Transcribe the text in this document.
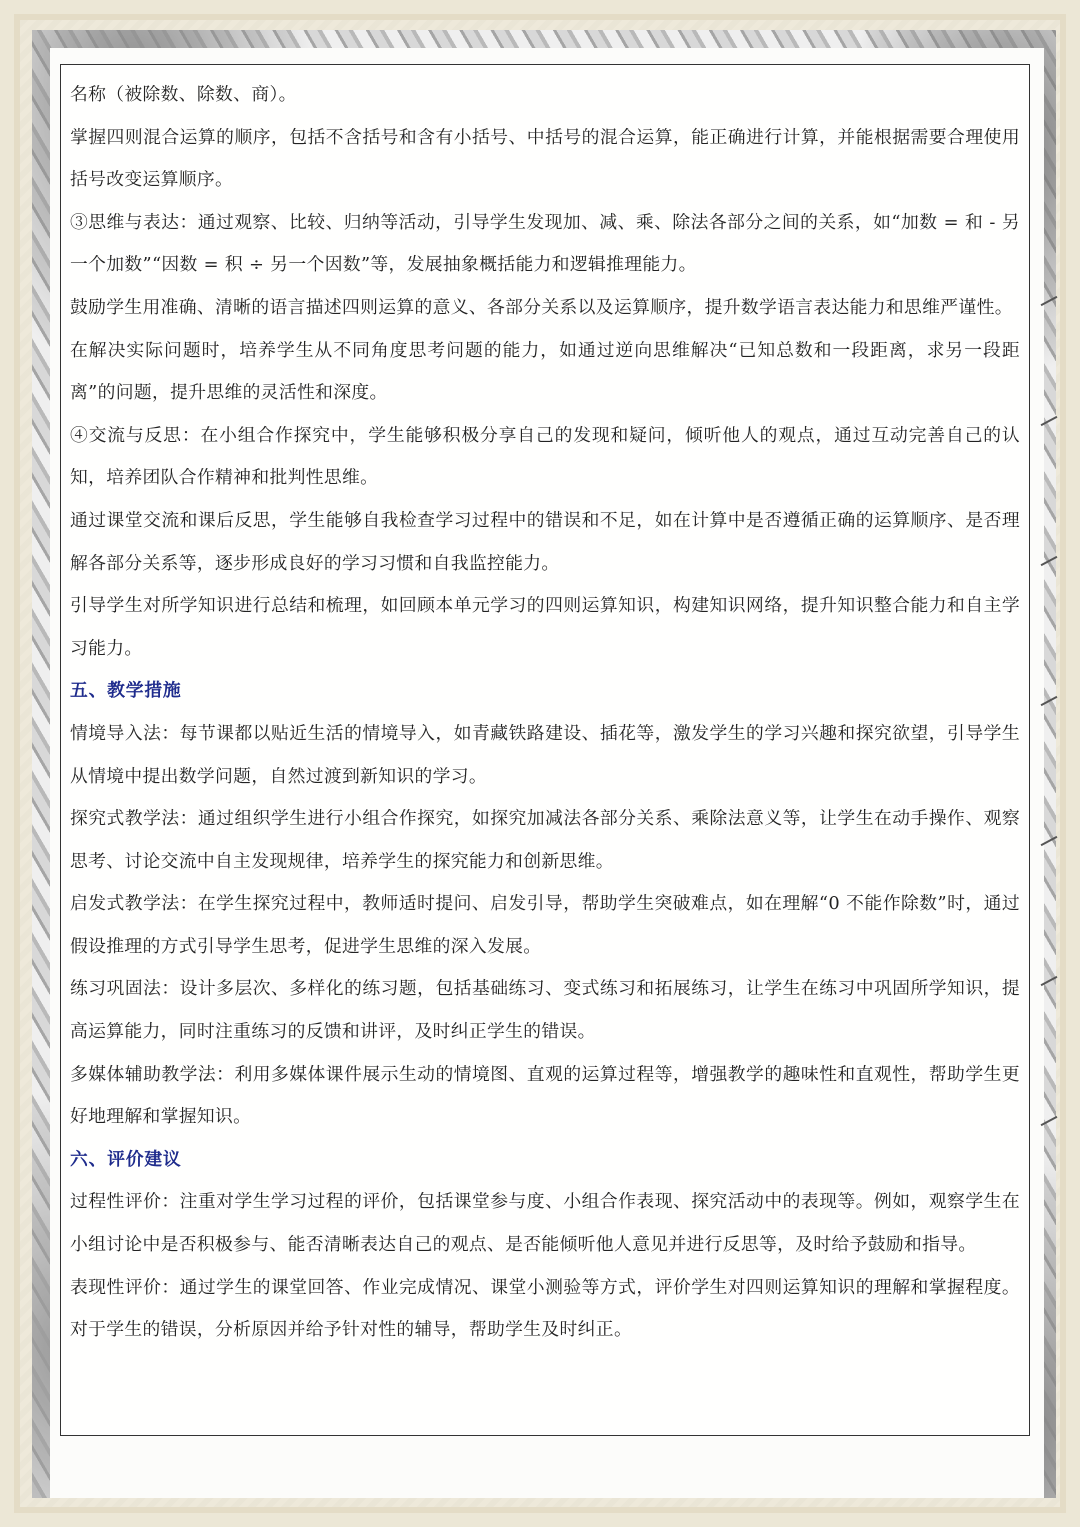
名称（被除数、除数、商）。

掌握四则混合运算的顺序，包括不含括号和含有小括号、中括号的混合运算，能正确进行计算，并能根据需要合理使用括号改变运算顺序。

③思维与表达：通过观察、比较、归纳等活动，引导学生发现加、减、乘、除法各部分之间的关系，如“加数 = 和 - 另一个加数”“因数 = 积 ÷ 另一个因数”等，发展抽象概括能力和逻辑推理能力。

鼓励学生用准确、清晰的语言描述四则运算的意义、各部分关系以及运算顺序，提升数学语言表达能力和思维严谨性。

在解决实际问题时，培养学生从不同角度思考问题的能力，如通过逆向思维解决“已知总数和一段距离，求另一段距离”的问题，提升思维的灵活性和深度。

④交流与反思：在小组合作探究中，学生能够积极分享自己的发现和疑问，倾听他人的观点，通过互动完善自己的认知，培养团队合作精神和批判性思维。

通过课堂交流和课后反思，学生能够自我检查学习过程中的错误和不足，如在计算中是否遵循正确的运算顺序、是否理解各部分关系等，逐步形成良好的学习习惯和自我监控能力。

引导学生对所学知识进行总结和梳理，如回顾本单元学习的四则运算知识，构建知识网络，提升知识整合能力和自主学习能力。

五、教学措施

情境导入法：每节课都以贴近生活的情境导入，如青藏铁路建设、插花等，激发学生的学习兴趣和探究欲望，引导学生从情境中提出数学问题，自然过渡到新知识的学习。

探究式教学法：通过组织学生进行小组合作探究，如探究加减法各部分关系、乘除法意义等，让学生在动手操作、观察思考、讨论交流中自主发现规律，培养学生的探究能力和创新思维。

启发式教学法：在学生探究过程中，教师适时提问、启发引导，帮助学生突破难点，如在理解“0 不能作除数”时，通过假设推理的方式引导学生思考，促进学生思维的深入发展。

练习巩固法：设计多层次、多样化的练习题，包括基础练习、变式练习和拓展练习，让学生在练习中巩固所学知识，提高运算能力，同时注重练习的反馈和讲评，及时纠正学生的错误。

多媒体辅助教学法：利用多媒体课件展示生动的情境图、直观的运算过程等，增强教学的趣味性和直观性，帮助学生更好地理解和掌握知识。

六、评价建议

过程性评价：注重对学生学习过程的评价，包括课堂参与度、小组合作表现、探究活动中的表现等。例如，观察学生在小组讨论中是否积极参与、能否清晰表达自己的观点、是否能倾听他人意见并进行反思等，及时给予鼓励和指导。

表现性评价：通过学生的课堂回答、作业完成情况、课堂小测验等方式，评价学生对四则运算知识的理解和掌握程度。对于学生的错误，分析原因并给予针对性的辅导，帮助学生及时纠正。
